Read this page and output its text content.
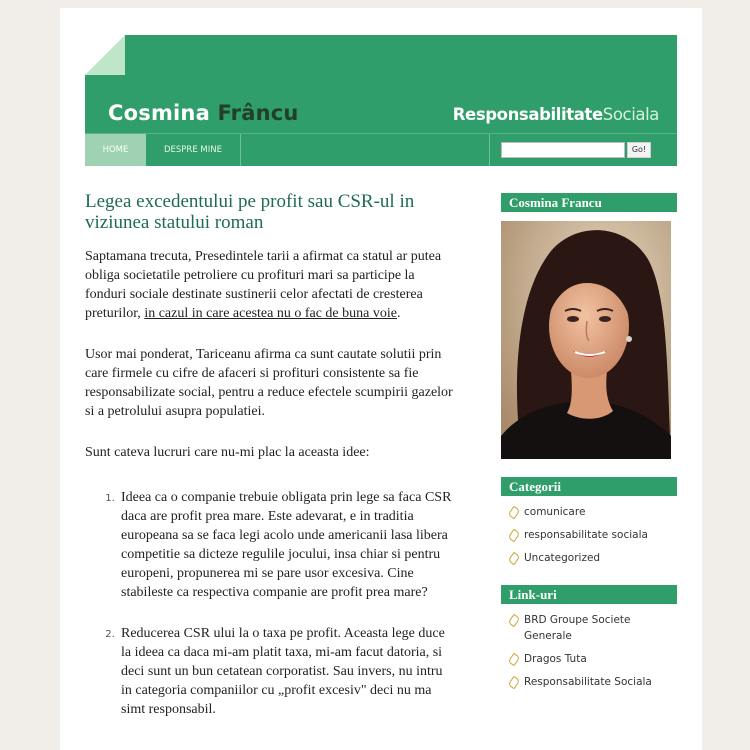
Cosmina Frâncu	ResponsabilitateSociala
HOME	DESPRE MINE	Go!
Legea excedentului pe profit sau CSR-ul in viziunea statului roman

Saptamana trecuta, Presedintele tarii a afirmat ca statul ar putea obliga societatile petroliere cu profituri mari sa participe la fonduri sociale destinate sustinerii celor afectati de cresterea preturilor, in cazul in care acestea nu o fac de buna voie.

Usor mai ponderat, Tariceanu afirma ca sunt cautate solutii prin care firmele cu cifre de afaceri si profituri consistente sa fie responsabilizate social, pentru a reduce efectele scumpirii gazelor si a petrolului asupra populatiei.

Sunt cateva lucruri care nu-mi plac la aceasta idee:

1. Ideea ca o companie trebuie obligata prin lege sa faca CSR daca are profit prea mare. Este adevarat, e in traditia europeana sa se faca legi acolo unde americanii lasa libera competitie sa dicteze regulile jocului, insa chiar si pentru europeni, propunerea mi se pare usor excesiva. Cine stabileste ca respectiva companie are profit prea mare?
2. Reducerea CSR ului la o taxa pe profit. Aceasta lege duce la ideea ca daca mi-am platit taxa, mi-am facut datoria, si deci sunt un bun cetatean corporatist. Sau invers, nu intru in categoria companiilor cu „profit excesiv" deci nu ma simt responsabil.
Cosmina Francu
Categorii
comunicare
responsabilitate sociala
Uncategorized
Link-uri
BRD Groupe Societe Generale
Dragos Tuta
Responsabilitate Sociala
